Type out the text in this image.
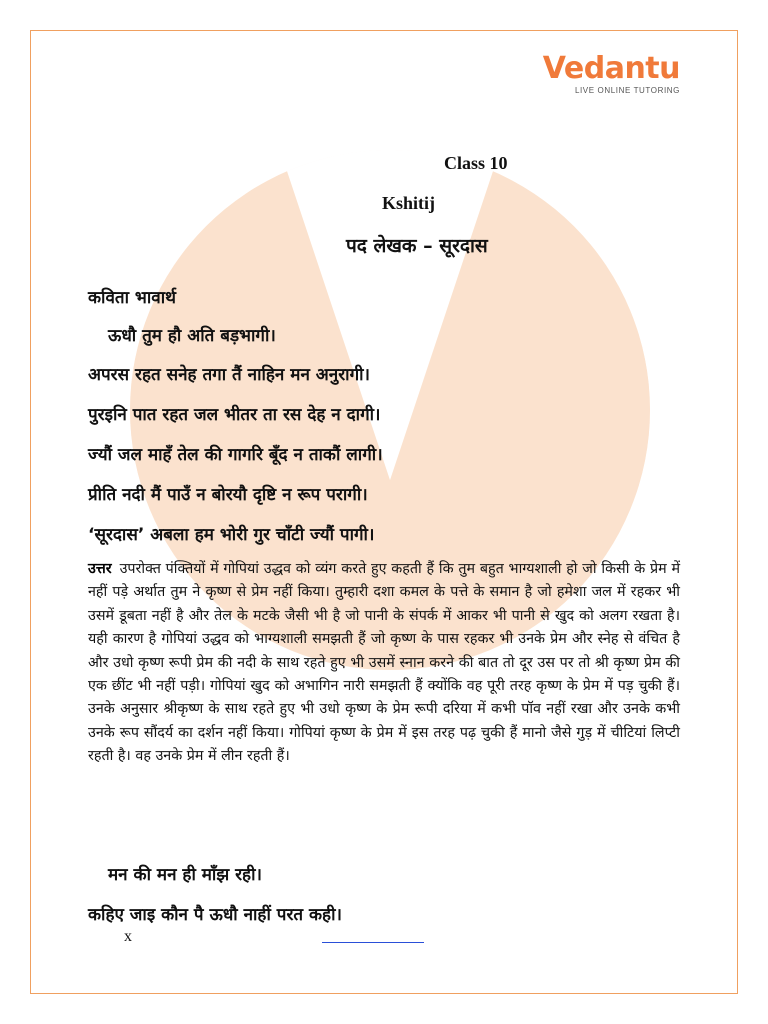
Vedantu
LIVE ONLINE TUTORING
Class 10
Kshitij
पद लेखक – सूरदास
कविता भावार्थ
ऊधौ तुम हौ अति बड़भागी।
अपरस रहत सनेह तगा तैं नाहिन मन अनुरागी।
पुरइनि पात रहत जल भीतर ता रस देह न दागी।
ज्यौं जल माहँ तेल की गागरि बूँद न ताकौं लागी।
प्रीति नदी मैं पाउँ न बोरयौ दृष्टि न रूप परागी।
‘सूरदास’ अबला हम भोरी गुर चाँटी ज्यौं पागी।
उत्तर उपरोक्त पंक्तियों में गोपियां उद्धव को व्यंग करते हुए कहती हैं कि तुम बहुत भाग्यशाली हो जो किसी के प्रेम में नहीं पड़े अर्थात तुम ने कृष्ण से प्रेम नहीं किया। तुम्हारी दशा कमल के पत्ते के समान है जो हमेशा जल में रहकर भी उसमें डूबता नहीं है और तेल के मटके जैसी भी है जो पानी के संपर्क में आकर भी पानी से खुद को अलग रखता है। यही कारण है गोपियां उद्धव को भाग्यशाली समझती हैं जो कृष्ण के पास रहकर भी उनके प्रेम और स्नेह से वंचित है और उधो कृष्ण रूपी प्रेम की नदी के साथ रहते हुए भी उसमें स्नान करने की बात तो दूर उस पर तो श्री कृष्ण प्रेम की एक छींट भी नहीं पड़ी। गोपियां खुद को अभागिन नारी समझती हैं क्योंकि वह पूरी तरह कृष्ण के प्रेम में पड़ चुकी हैं। उनके अनुसार श्रीकृष्ण के साथ रहते हुए भी उधो कृष्ण के प्रेम रूपी दरिया में कभी पॉव नहीं रखा और उनके कभी उनके रूप सौंदर्य का दर्शन नहीं किया। गोपियां कृष्ण के प्रेम में इस तरह पढ़ चुकी हैं मानो जैसे गुड़ में चीटियां लिप्टी रहती है। वह उनके प्रेम में लीन रहती हैं।
मन की मन ही माँझ रही।
कहिए जाइ कौन पै ऊधौ नाहीं परत कही।
x
